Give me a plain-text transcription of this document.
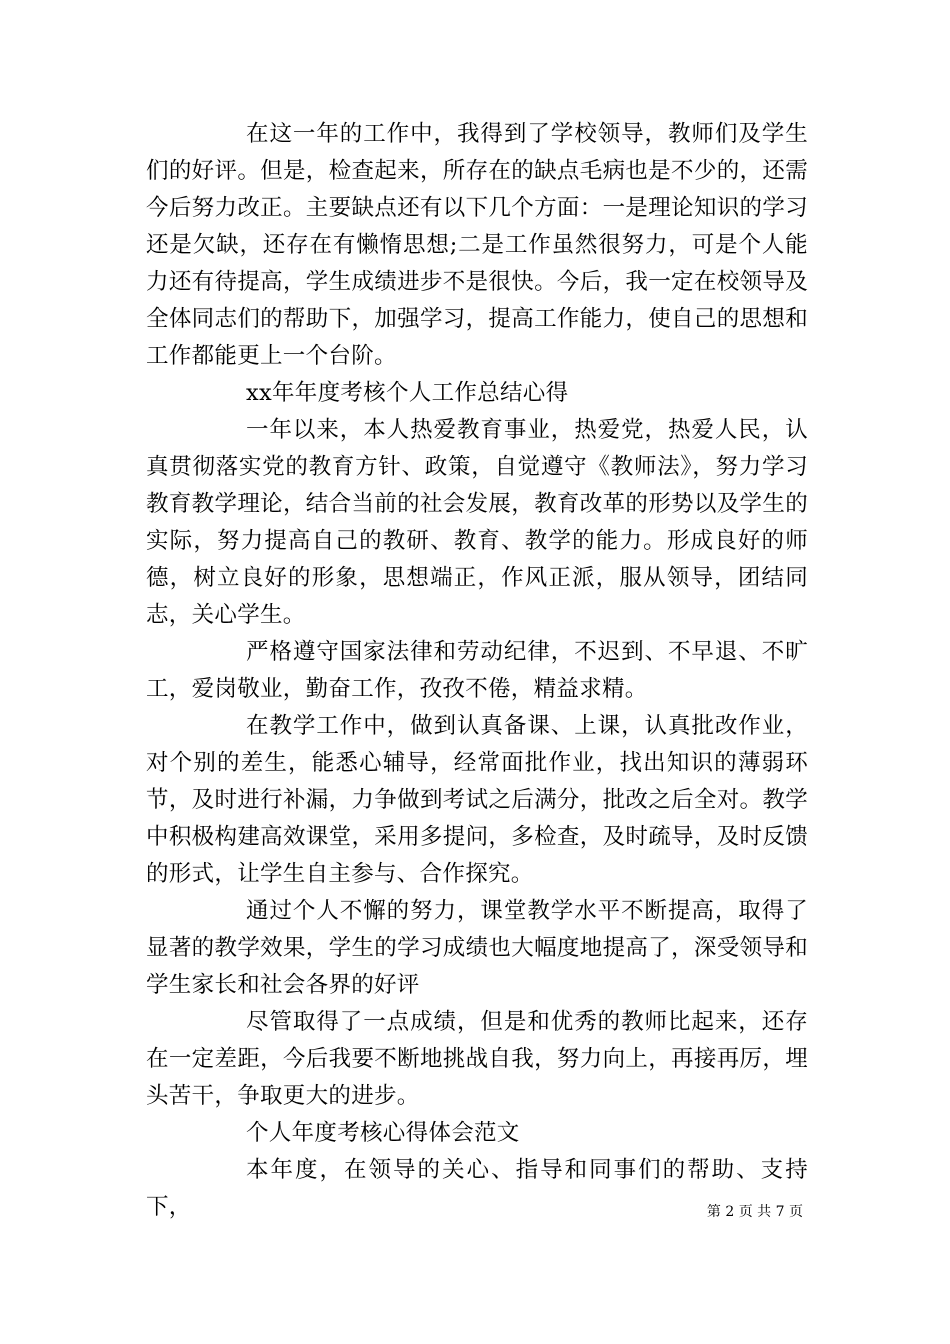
在这一年的工作中，我得到了学校领导，教师们及学生们的好评。但是，检查起来，所存在的缺点毛病也是不少的，还需今后努力改正。主要缺点还有以下几个方面：一是理论知识的学习还是欠缺，还存在有懒惰思想;二是工作虽然很努力，可是个人能力还有待提高，学生成绩进步不是很快。今后，我一定在校领导及全体同志们的帮助下，加强学习，提高工作能力，使自己的思想和工作都能更上一个台阶。

xx年年度考核个人工作总结心得

一年以来，本人热爱教育事业，热爱党，热爱人民，认真贯彻落实党的教育方针、政策，自觉遵守《教师法》，努力学习教育教学理论，结合当前的社会发展，教育改革的形势以及学生的实际，努力提高自己的教研、教育、教学的能力。形成良好的师德，树立良好的形象，思想端正，作风正派，服从领导，团结同志，关心学生。

严格遵守国家法律和劳动纪律，不迟到、不早退、不旷工，爱岗敬业，勤奋工作，孜孜不倦，精益求精。

在教学工作中，做到认真备课、上课，认真批改作业，对个别的差生，能悉心辅导，经常面批作业，找出知识的薄弱环节，及时进行补漏，力争做到考试之后满分，批改之后全对。教学中积极构建高效课堂，采用多提问，多检查，及时疏导，及时反馈的形式，让学生自主参与、合作探究。

通过个人不懈的努力，课堂教学水平不断提高，取得了显著的教学效果，学生的学习成绩也大幅度地提高了，深受领导和学生家长和社会各界的好评

尽管取得了一点成绩，但是和优秀的教师比起来，还存在一定差距，今后我要不断地挑战自我，努力向上，再接再厉，埋头苦干，争取更大的进步。

个人年度考核心得体会范文

本年度，在领导的关心、指导和同事们的帮助、支持下，	第 2 页 共 7 页
